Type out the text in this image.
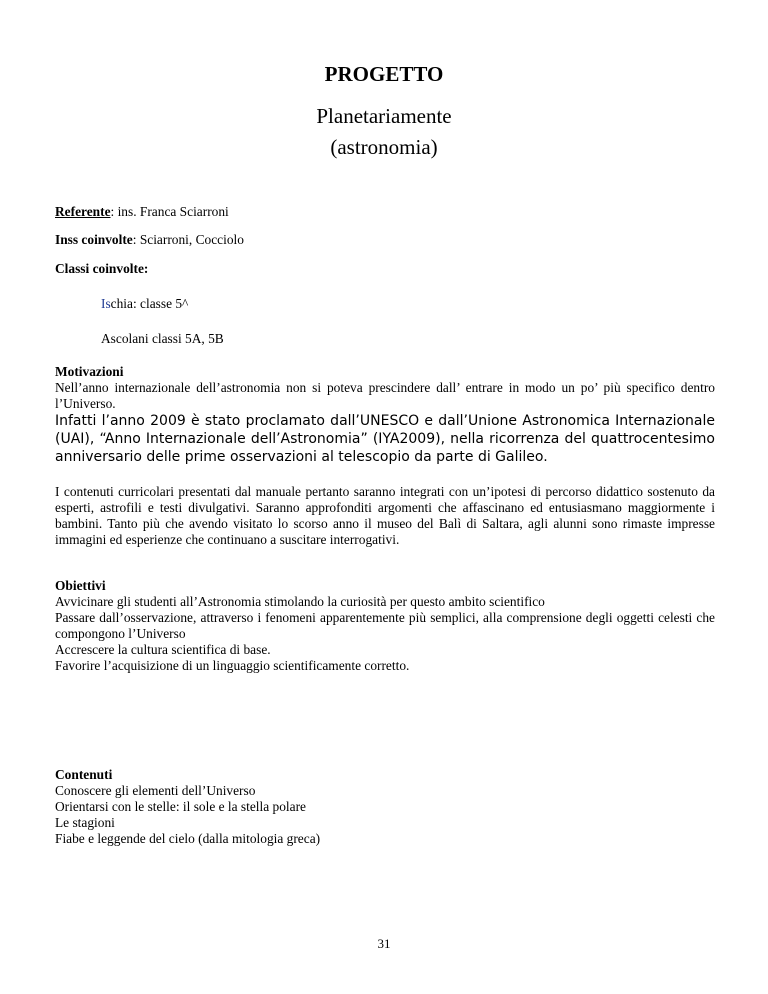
PROGETTO
Planetariamente
(astronomia)
Referente: ins. Franca Sciarroni
Inss coinvolte: Sciarroni, Cocciolo
Classi coinvolte:
Ischia: classe 5^
Ascolani classi 5A, 5B
Motivazioni
Nell’anno internazionale dell’astronomia non si poteva prescindere dall’ entrare in modo un po’ più specifico dentro l’Universo.
Infatti l’anno 2009 è stato proclamato dall’UNESCO e dall’Unione Astronomica Internazionale (UAI), “Anno Internazionale dell’Astronomia” (IYA2009), nella ricorrenza del quattrocentesimo anniversario delle prime osservazioni al telescopio da parte di Galileo.
I contenuti curricolari presentati dal manuale pertanto saranno integrati con un’ipotesi di percorso didattico sostenuto da esperti, astrofili e testi divulgativi. Saranno approfonditi argomenti che affascinano ed entusiasmano maggiormente i bambini. Tanto più che avendo visitato lo scorso anno il museo del Balì di Saltara, agli alunni sono rimaste impresse immagini ed esperienze che continuano a suscitare interrogativi.
Obiettivi
Avvicinare gli studenti all’Astronomia stimolando la curiosità per questo ambito scientifico
Passare dall’osservazione, attraverso i fenomeni apparentemente più semplici, alla comprensione degli oggetti celesti che compongono l’Universo
Accrescere la cultura scientifica di base.
Favorire l’acquisizione di un linguaggio scientificamente corretto.
Contenuti
Conoscere gli elementi dell’Universo
Orientarsi con le stelle: il sole e la stella polare
Le stagioni
Fiabe e leggende del cielo (dalla mitologia greca)
31
